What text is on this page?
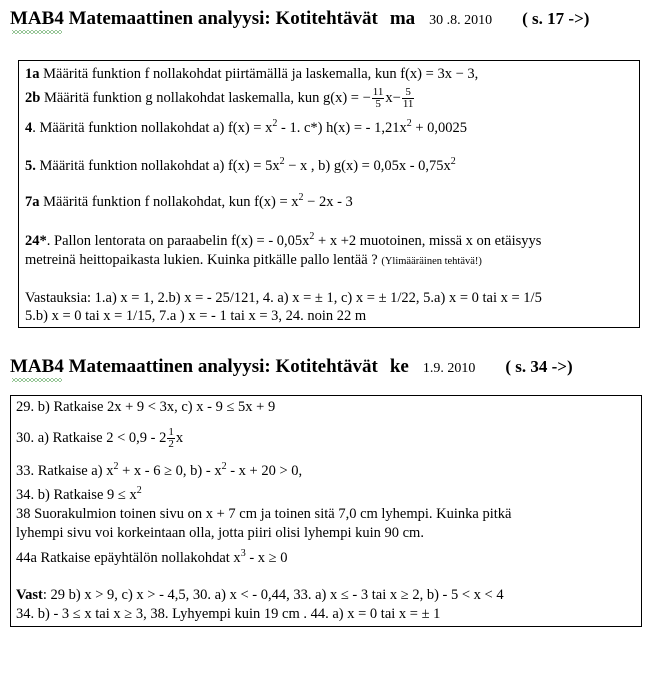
MAB4 Matemaattinen analyysi: Kotitehtävät ma 30 .8. 2010 ( s. 17 ->)
1a Määritä funktion f nollakohdat piirtämällä ja laskemalla, kun f(x) = 3x − 3,
2b Määritä funktion g nollakohdat laskemalla, kun g(x) = − $\frac{11}{5} x- \frac{5}{11}$
4. Määritä funktion nollakohdat a) $f(x) = x^2 - 1$. c*) h(x) = - $1,21x^2 + 0,0025$
5. Määritä funktion nollakohdat a) $f(x) = 5x^2 - x$ , b) $g(x) = 0,05x - 0,75x^2$
7a Määritä funktion f nollakohdat, kun $f(x) = x^2 - 2x - 3$
24*. Pallon lentorata on paraabelin f(x) = - $0,05x^2 + x +2$ muotoinen, missä x on etäisyys
metreinä heittopaikasta lukien. Kuinka pitkälle pallo lentää ? (Ylimääräinen tehtävä!)
Vastauksia: 1.a) x = 1, 2.b) x = - 25/121, 4. a) x = ± 1, c) x = ± 1/22, 5.a) x = 0 tai x = 1/5
5.b) x = 0 tai x = 1/15, 7.a ) x = - 1 tai x = 3, 24. noin 22 m
MAB4 Matemaattinen analyysi: Kotitehtävät ke 1.9. 2010 ( s. 34 ->)
29. b) Ratkaise 2x + 9 < 3x, c) x - 9 ≤ 5x + 9
30. a) Ratkaise $2 < 0,9 - 2 \frac{1}{2}$ x
33. Ratkaise a) $x^2 + x - 6 \ge 0$, $b) - x^2 - x + 20 > 0$,
34. b) Ratkaise $9 \le x^2$
38 Suorakulmion toinen sivu on x + 7 cm ja toinen sitä 7,0 cm lyhempi. Kuinka pitkä
lyhempi sivu voi korkeintaan olla, jotta piiri olisi lyhempi kuin 90 cm.
44a Ratkaise epäyhtälön nollakohdat $x^3 - x \ge 0$
Vast: 29 b) x > 9, c) x > - 4,5, 30. a) x < - 0,44, 33. a) x ≤ - 3 tai x ≥ 2, b) - 5 < x < 4
34. b) - 3 ≤ x tai x ≥ 3, 38. Lyhyempi kuin 19 cm . 44. a) x = 0 tai x = ± 1
